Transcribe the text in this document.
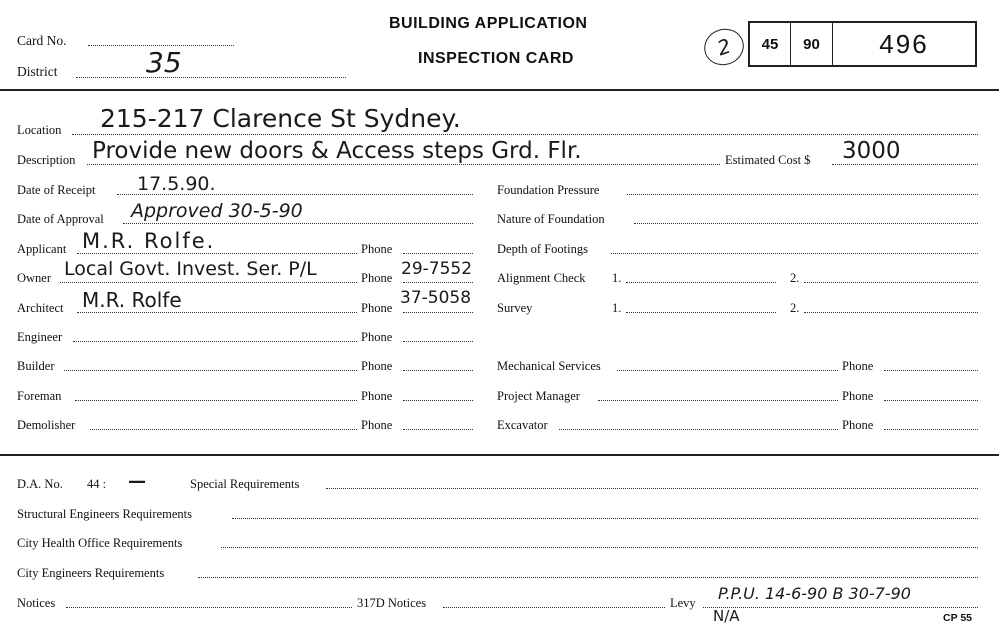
Card No.
District	35
BUILDING APPLICATION
INSPECTION CARD	2	45	90	496
Location 215-217 Clarence St Sydney.
Description Provide new doors & Access steps Grd. Flr.	Estimated Cost $ 3000
Date of Receipt 17.5.90.
Date of Approval Approved 30-5-90
Applicant M.R. Rolfe.	Phone
Owner Local Govt. Invest. Ser. P/L	Phone 29-7552
Architect M.R. Rolfe	Phone 37-5058
Engineer	Phone
Builder	Phone
Foreman	Phone
Demolisher	Phone
Foundation Pressure
Nature of Foundation
Depth of Footings
Alignment Check 1.	2.
Survey	1.	2.
Mechanical Services	Phone
Project Manager	Phone
Excavator	Phone
D.A. No. 44 : —	Special Requirements
Structural Engineers Requirements
City Health Office Requirements
City Engineers Requirements
Notices	317D Notices	Levy P.P.U. 14-6-90 B 30-7-90
N/A	CP 55
